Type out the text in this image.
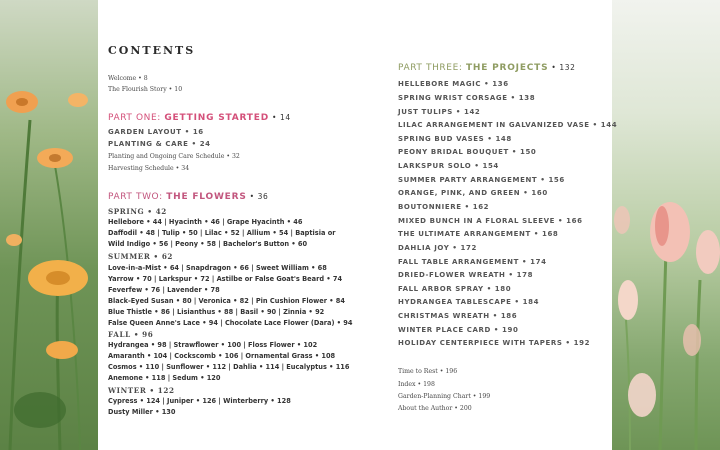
CONTENTS
Welcome • 8
The Flourish Story • 10
PART ONE: GETTING STARTED • 14
GARDEN LAYOUT • 16
PLANTING & CARE • 24
Planting and Ongoing Care Schedule • 32
Harvesting Schedule • 34
PART TWO: THE FLOWERS • 36
SPRING • 42
Hellebore • 44 | Hyacinth • 46 | Grape Hyacinth • 46
Daffodil • 48 | Tulip • 50 | Lilac • 52 | Allium • 54 | Baptisia or
Wild Indigo • 56 | Peony • 58 | Bachelor's Button • 60
SUMMER • 62
Love-in-a-Mist • 64 | Snapdragon • 66 | Sweet William • 68
Yarrow • 70 | Larkspur • 72 | Astilbe or False Goat's Beard • 74
Feverfew • 76 | Lavender • 78
Black-Eyed Susan • 80 | Veronica • 82 | Pin Cushion Flower • 84
Blue Thistle • 86 | Lisianthus • 88 | Basil • 90 | Zinnia • 92
False Queen Anne's Lace • 94 | Chocolate Lace Flower (Dara) • 94
FALL • 96
Hydrangea • 98 | Strawflower • 100 | Floss Flower • 102
Amaranth • 104 | Cockscomb • 106 | Ornamental Grass • 108
Cosmos • 110 | Sunflower • 112 | Dahlia • 114 | Eucalyptus • 116
Anemone • 118 | Sedum • 120
WINTER • 122
Cypress • 124 | Juniper • 126 | Winterberry • 128
Dusty Miller • 130
PART THREE: THE PROJECTS • 132
HELLEBORE MAGIC • 136
SPRING WRIST CORSAGE • 138
JUST TULIPS • 142
LILAC ARRANGEMENT IN GALVANIZED VASE • 144
SPRING BUD VASES • 148
PEONY BRIDAL BOUQUET • 150
LARKSPUR SOLO • 154
SUMMER PARTY ARRANGEMENT • 156
ORANGE, PINK, AND GREEN • 160
BOUTONNIERE • 162
MIXED BUNCH IN A FLORAL SLEEVE • 166
THE ULTIMATE ARRANGEMENT • 168
DAHLIA JOY • 172
FALL TABLE ARRANGEMENT • 174
DRIED-FLOWER WREATH • 178
FALL ARBOR SPRAY • 180
HYDRANGEA TABLESCAPE • 184
CHRISTMAS WREATH • 186
WINTER PLACE CARD • 190
HOLIDAY CENTERPIECE WITH TAPERS • 192
Time to Rest • 196
Index • 198
Garden-Planning Chart • 199
About the Author • 200
